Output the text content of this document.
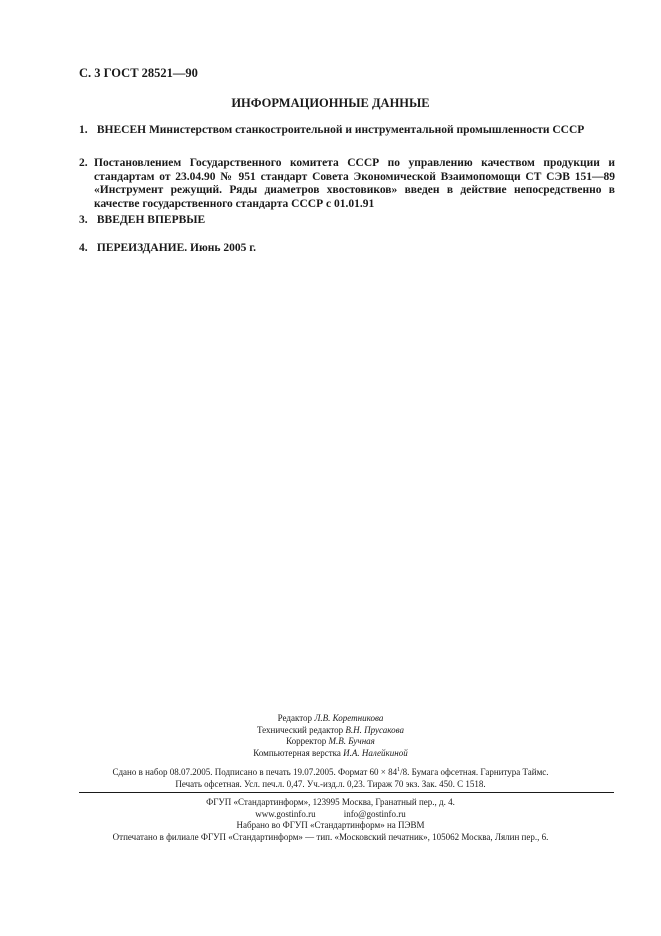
С. 3 ГОСТ 28521—90
ИНФОРМАЦИОННЫЕ ДАННЫЕ
1. ВНЕСЕН Министерством станкостроительной и инструментальной промышленности СССР
2. Постановлением Государственного комитета СССР по управлению качеством продукции и стандартам от 23.04.90 № 951 стандарт Совета Экономической Взаимопомощи СТ СЭВ 151—89 «Инструмент режущий. Ряды диаметров хвостовиков» введен в действие непосредственно в качестве государственного стандарта СССР с 01.01.91
3. ВВЕДЕН ВПЕРВЫЕ
4. ПЕРЕИЗДАНИЕ. Июнь 2005 г.
Редактор Л.В. Коретникова
Технический редактор В.Н. Прусакова
Корректор М.В. Бучная
Компьютерная верстка И.А. Налейкиной
Сдано в набор 08.07.2005. Подписано в печать 19.07.2005. Формат $60 \times 84^1/8$. Бумага офсетная. Гарнитура Таймс.
Печать офсетная. Усл. печ.л. 0,47. Уч.-изд.л. 0,23. Тираж 70 экз. Зак. 450. С 1518.
ФГУП «Стандартинформ», 123995 Москва, Гранатный пер., д. 4.
www.gostinfo.ru	info@gostinfo.ru
Набрано во ФГУП «Стандартинформ» на ПЭВМ
Отпечатано в филиале ФГУП «Стандартинформ» — тип. «Московский печатник», 105062 Москва, Лялин пер., 6.
